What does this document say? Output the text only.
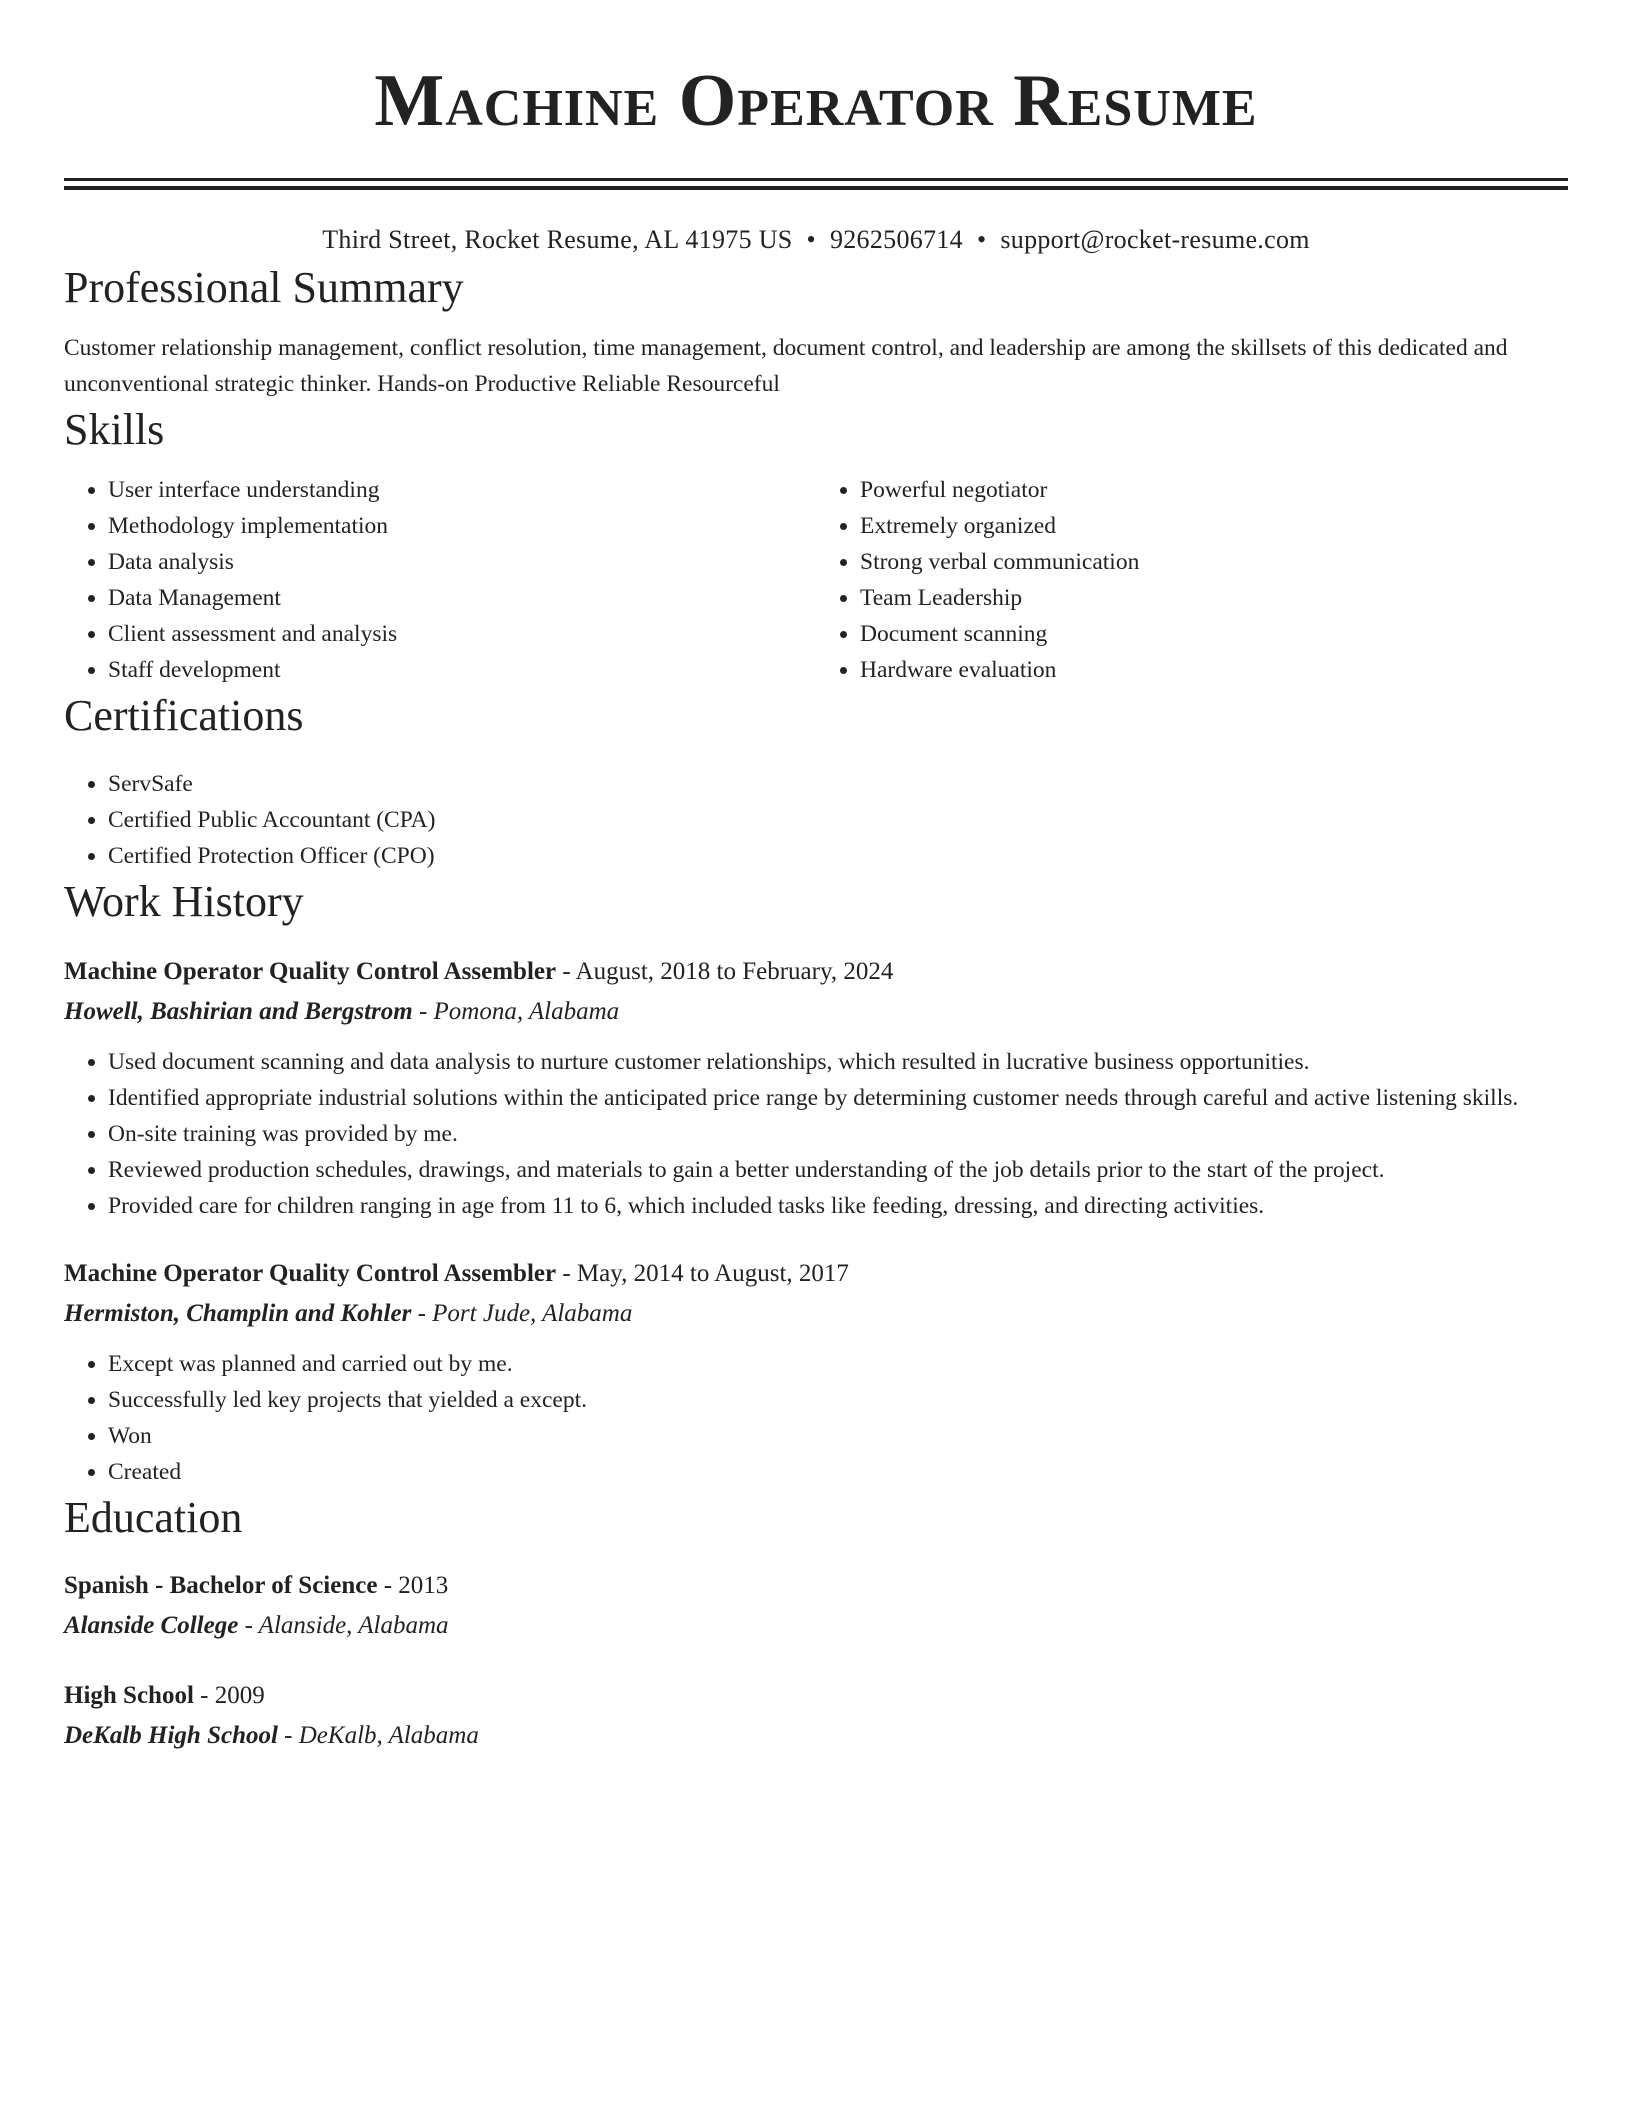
Machine Operator Resume
Third Street, Rocket Resume, AL 41975 US • 9262506714 • support@rocket-resume.com
Professional Summary
Customer relationship management, conflict resolution, time management, document control, and leadership are among the skillsets of this dedicated and unconventional strategic thinker. Hands-on Productive Reliable Resourceful
Skills
• User interface understanding
• Methodology implementation
• Data analysis
• Data Management
• Client assessment and analysis
• Staff development
• Powerful negotiator
• Extremely organized
• Strong verbal communication
• Team Leadership
• Document scanning
• Hardware evaluation
Certifications
• ServSafe
• Certified Public Accountant (CPA)
• Certified Protection Officer (CPO)
Work History
Machine Operator Quality Control Assembler - August, 2018 to February, 2024
Howell, Bashirian and Bergstrom - Pomona, Alabama
• Used document scanning and data analysis to nurture customer relationships, which resulted in lucrative business opportunities.
• Identified appropriate industrial solutions within the anticipated price range by determining customer needs through careful and active listening skills.
• On-site training was provided by me.
• Reviewed production schedules, drawings, and materials to gain a better understanding of the job details prior to the start of the project.
• Provided care for children ranging in age from 11 to 6, which included tasks like feeding, dressing, and directing activities.
Machine Operator Quality Control Assembler - May, 2014 to August, 2017
Hermiston, Champlin and Kohler - Port Jude, Alabama
• Except was planned and carried out by me.
• Successfully led key projects that yielded a except.
• Won
• Created
Education
Spanish - Bachelor of Science - 2013
Alanside College - Alanside, Alabama
High School - 2009
DeKalb High School - DeKalb, Alabama
